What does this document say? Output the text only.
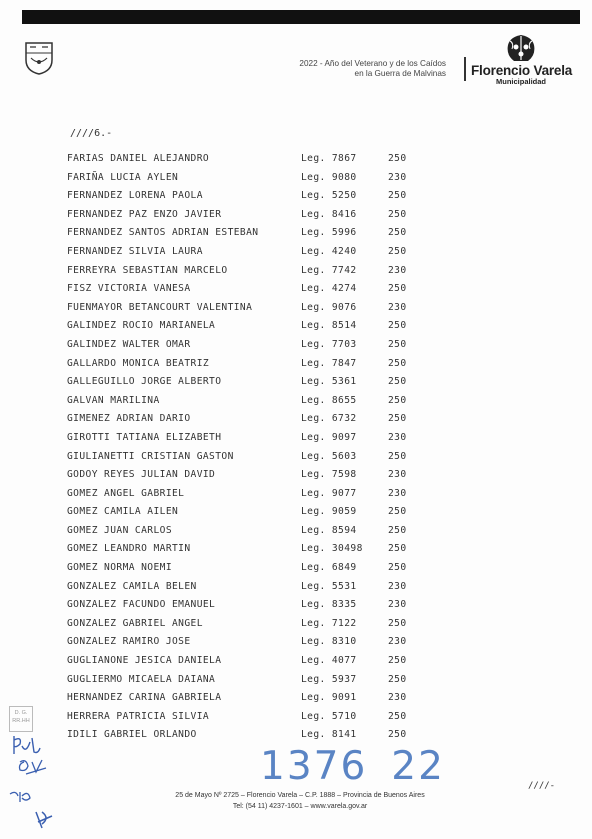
2022 - Año del Veterano y de los Caídos
en la Guerra de Malvinas Florencio Varela
Municipalidad
////6.-
FARIAS DANIEL ALEJANDRO	Leg. 7867	250
FARIÑA LUCIA AYLEN	Leg. 9080	230
FERNANDEZ LORENA PAOLA	Leg. 5250	250
FERNANDEZ PAZ ENZO JAVIER	Leg. 8416	250
FERNANDEZ SANTOS ADRIAN ESTEBAN	Leg. 5996	250
FERNANDEZ SILVIA LAURA	Leg. 4240	250
FERREYRA SEBASTIAN MARCELO	Leg. 7742	230
FISZ VICTORIA VANESA	Leg. 4274	250
FUENMAYOR BETANCOURT VALENTINA	Leg. 9076	230
GALINDEZ ROCIO MARIANELA	Leg. 8514	250
GALINDEZ WALTER OMAR	Leg. 7703	250
GALLARDO MONICA BEATRIZ	Leg. 7847	250
GALLEGUILLO JORGE ALBERTO	Leg. 5361	250
GALVAN MARILINA	Leg. 8655	250
GIMENEZ ADRIAN DARIO	Leg. 6732	250
GIROTTI TATIANA ELIZABETH	Leg. 9097	230
GIULIANETTI CRISTIAN GASTON	Leg. 5603	250
GODOY REYES JULIAN DAVID	Leg. 7598	230
GOMEZ ANGEL GABRIEL	Leg. 9077	230
GOMEZ CAMILA AILEN	Leg. 9059	250
GOMEZ JUAN CARLOS	Leg. 8594	250
GOMEZ LEANDRO MARTIN	Leg. 30498	250
GOMEZ NORMA NOEMI	Leg. 6849	250
GONZALEZ CAMILA BELEN	Leg. 5531	230
GONZALEZ FACUNDO EMANUEL	Leg. 8335	230
GONZALEZ GABRIEL ANGEL	Leg. 7122	250
GONZALEZ RAMIRO JOSE	Leg. 8310	230
GUGLIANONE JESICA DANIELA	Leg. 4077	250
GUGLIERMO MICAELA DAIANA	Leg. 5937	250
HERNANDEZ CARINA GABRIELA	Leg. 9091	230
HERRERA PATRICIA SILVIA	Leg. 5710	250
IDILI GABRIEL ORLANDO	Leg. 8141	250
D. G.
RR.HH
1376 22	////-
25 de Mayo Nº 2725 – Florencio Varela – C.P. 1888 – Provincia de Buenos Aires
Tel: (54 11) 4237-1601 – www.varela.gov.ar
